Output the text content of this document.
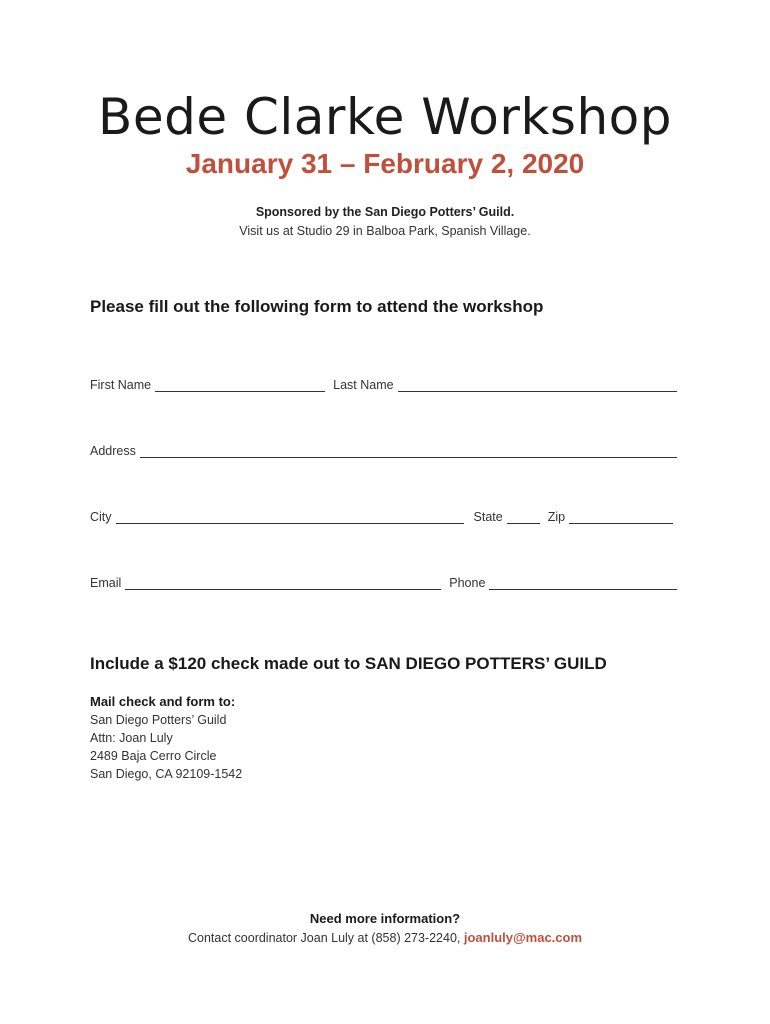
Bede Clarke Workshop
January 31 – February 2, 2020
Sponsored by the San Diego Potters’ Guild.
Visit us at Studio 29 in Balboa Park, Spanish Village.
Please fill out the following form to attend the workshop
First Name	Last Name
Address
City	State	Zip
Email	Phone
Include a $120 check made out to SAN DIEGO POTTERS’ GUILD
Mail check and form to:
San Diego Potters’ Guild
Attn: Joan Luly
2489 Baja Cerro Circle
San Diego, CA 92109-1542
Need more information?
Contact coordinator Joan Luly at (858) 273-2240, joanluly@mac.com
